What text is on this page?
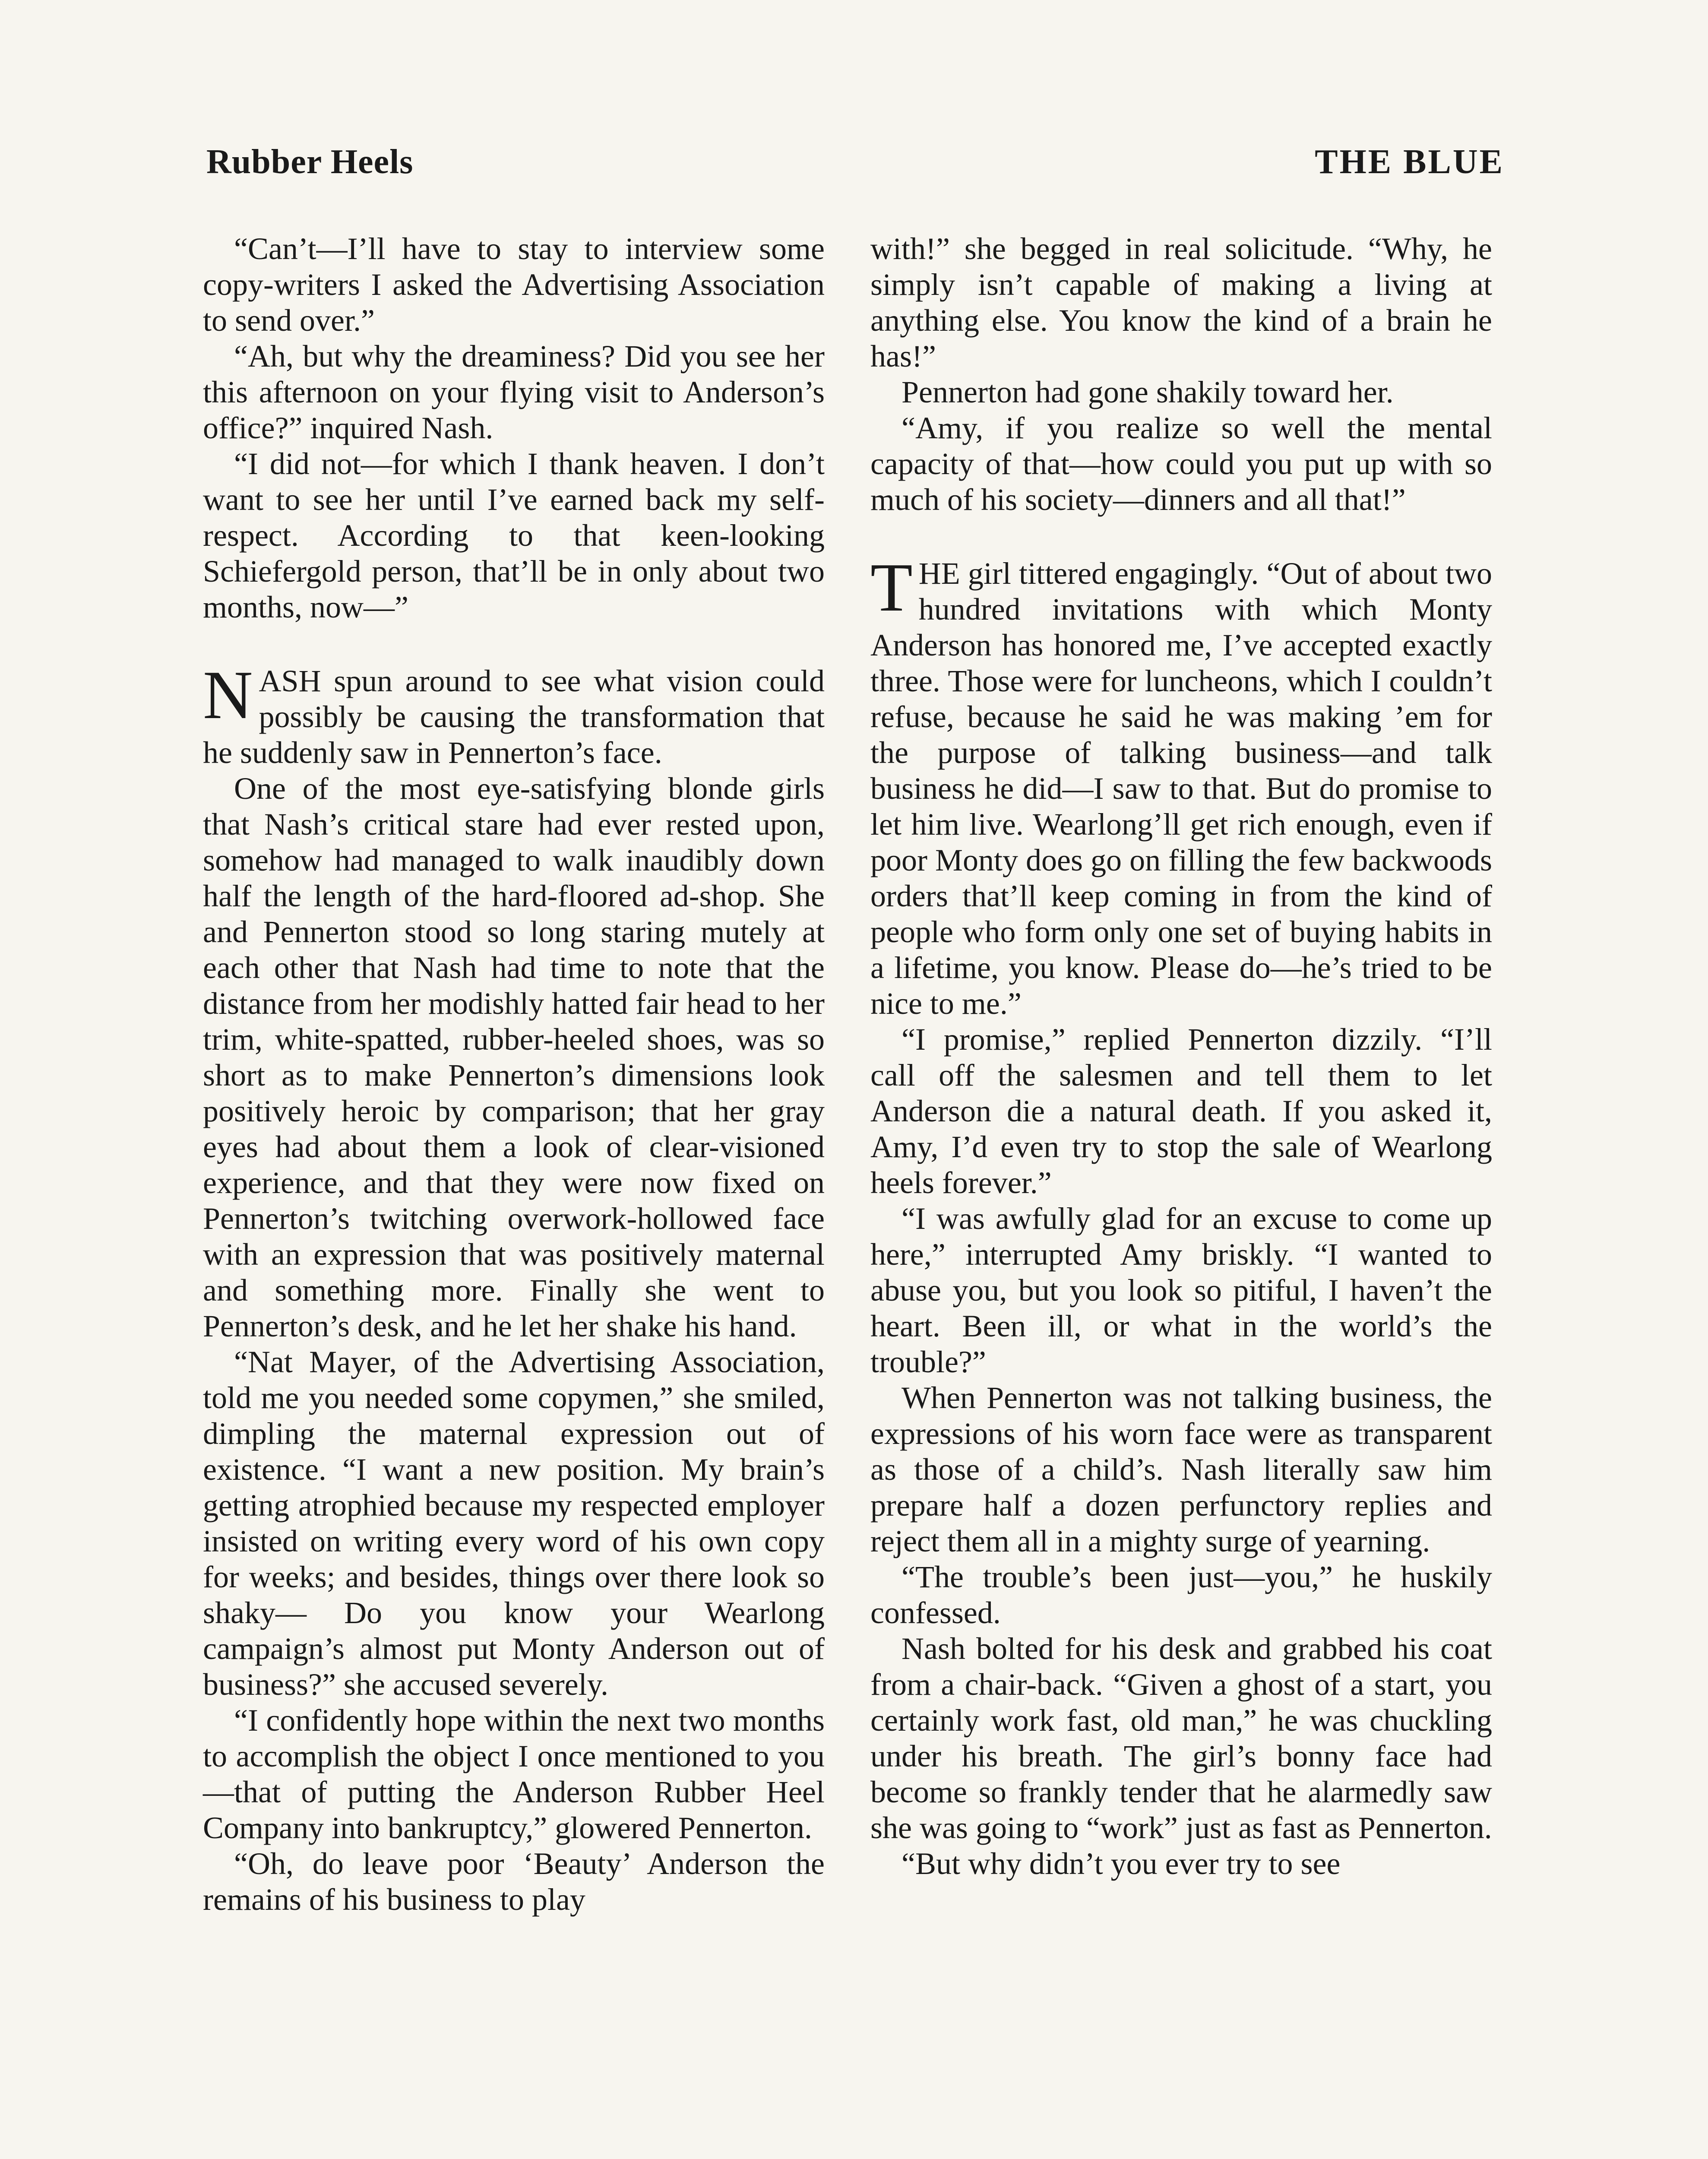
Rubber Heels	THE BLUE

“Can’t—I’ll have to stay to interview some copy-writers I asked the Advertising Association to send over.”

“Ah, but why the dreaminess? Did you see her this afternoon on your flying visit to Anderson’s office?” inquired Nash.

“I did not—for which I thank heaven. I don’t want to see her until I’ve earned back my self-respect. According to that keen-looking Schiefergold person, that’ll be in only about two months, now—”

NASH spun around to see what vision could possibly be causing the transformation that he suddenly saw in Pennerton’s face.

One of the most eye-satisfying blonde girls that Nash’s critical stare had ever rested upon, somehow had managed to walk inaudibly down half the length of the hard-floored ad-shop. She and Pennerton stood so long staring mutely at each other that Nash had time to note that the distance from her modishly hatted fair head to her trim, white-spatted, rubber-heeled shoes, was so short as to make Pennerton’s dimensions look positively heroic by comparison; that her gray eyes had about them a look of clear-visioned experience, and that they were now fixed on Pennerton’s twitching overwork-hollowed face with an expression that was positively maternal and something more. Finally she went to Pennerton’s desk, and he let her shake his hand.

“Nat Mayer, of the Advertising Association, told me you needed some copymen,” she smiled, dimpling the maternal expression out of existence. “I want a new position. My brain’s getting atrophied because my respected employer insisted on writing every word of his own copy for weeks; and besides, things over there look so shaky— Do you know your Wearlong campaign’s almost put Monty Anderson out of business?” she accused severely.

“I confidently hope within the next two months to accomplish the object I once mentioned to you—that of putting the Anderson Rubber Heel Company into bankruptcy,” glowered Pennerton.

“Oh, do leave poor ‘Beauty’ Anderson the remains of his business to play

with!” she begged in real solicitude. “Why, he simply isn’t capable of making a living at anything else. You know the kind of a brain he has!”

Pennerton had gone shakily toward her.

“Amy, if you realize so well the mental capacity of that—how could you put up with so much of his society—dinners and all that!”

THE girl tittered engagingly. “Out of about two hundred invitations with which Monty Anderson has honored me, I’ve accepted exactly three. Those were for luncheons, which I couldn’t refuse, because he said he was making ’em for the purpose of talking business—and talk business he did—I saw to that. But do promise to let him live. Wearlong’ll get rich enough, even if poor Monty does go on filling the few backwoods orders that’ll keep coming in from the kind of people who form only one set of buying habits in a lifetime, you know. Please do—he’s tried to be nice to me.”

“I promise,” replied Pennerton dizzily. “I’ll call off the salesmen and tell them to let Anderson die a natural death. If you asked it, Amy, I’d even try to stop the sale of Wearlong heels forever.”

“I was awfully glad for an excuse to come up here,” interrupted Amy briskly. “I wanted to abuse you, but you look so pitiful, I haven’t the heart. Been ill, or what in the world’s the trouble?”

When Pennerton was not talking business, the expressions of his worn face were as transparent as those of a child’s. Nash literally saw him prepare half a dozen perfunctory replies and reject them all in a mighty surge of yearning.

“The trouble’s been just—you,” he huskily confessed.

Nash bolted for his desk and grabbed his coat from a chair-back. “Given a ghost of a start, you certainly work fast, old man,” he was chuckling under his breath. The girl’s bonny face had become so frankly tender that he alarmedly saw she was going to “work” just as fast as Pennerton.

“But why didn’t you ever try to see
